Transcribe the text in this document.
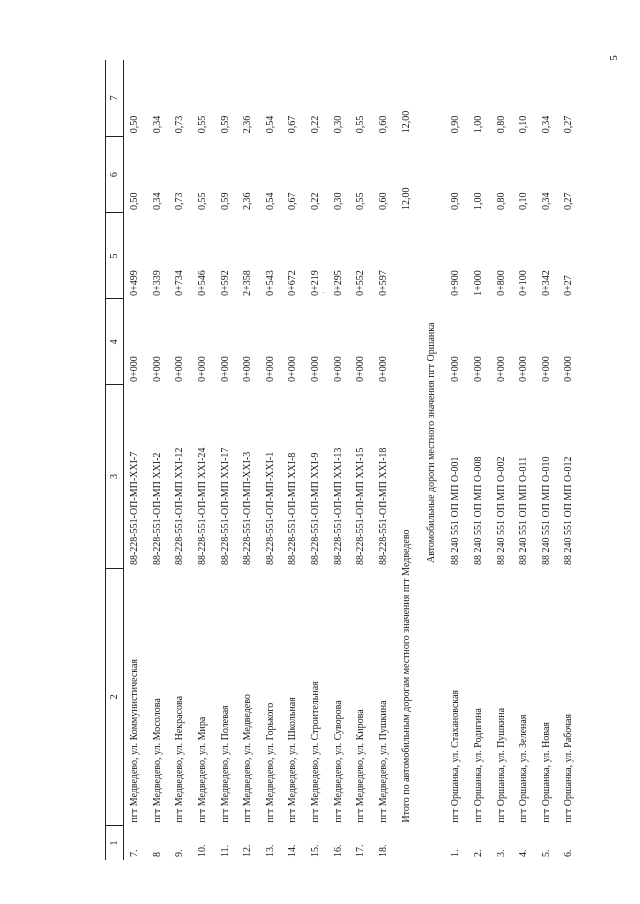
5
1	2	3	4	5	6	7
7.	пгт Медведево, ул. Коммунистическая	88-228-551-ОП-МП-XXI-7	0+000	0+499	0,50	0,50
8	пгт Медведево, ул. Мосолова	88-228-551-ОП-МП XXI-2	0+000	0+339	0,34	0,34
9.	пгт Медведево, ул. Некрасова	88-228-551-ОП-МП XXI-12	0+000	0+734	0,73	0,73
10.	пгт Медведево, ул. Мира	88-228-551-ОП-МП XXI-24	0+000	0+546	0,55	0,55
11.	пгт Медведево, ул. Полевая	88-228-551-ОП-МП XXI-17	0+000	0+592	0,59	0,59
12.	пгт Медведево, ул. Медведево	88-228-551-ОП-МП-XXI-3	0+000	2+358	2,36	2,36
13.	пгт Медведево, ул. Горького	88-228-551-ОП-МП-XXI-1	0+000	0+543	0,54	0,54
14.	пгт Медведево, ул. Школьная	88-228-551-ОП-МП XXI-8	0+000	0+672	0,67	0,67
15.	пгт Медведево, ул. Строительная	88-228-551-ОП-МП XXI-9	0+000	0+219	0,22	0,22
16.	пгт Медведево, ул. Суворова	88-228-551-ОП-МП XXI-13	0+000	0+295	0,30	0,30
17.	пгт Медведево, ул. Кирова	88-228-551-ОП-МП XXI-15	0+000	0+552	0,55	0,55
18.	пгт Медведево, ул. Пушкина	88-228-551-ОП-МП XXI-18	0+000	0+597	0,60	0,60
	Итого по автомобильным дорогам местного значения пгт Медведево				12,00	12,00
	Автомобильные дороги местного значения пгт Оршанка					
1.	пгт Оршанка, ул. Стахановская	88 240 551 ОП МП О-001	0+000	0+900	0,90	0,90
2.	пгт Оршанка, ул. Родигина	88 240 551 ОП МП О-008	0+000	1+000	1,00	1,00
3.	пгт Оршанка, ул. Пушкина	88 240 551 ОП МП О-002	0+000	0+800	0,80	0,80
4.	пгт Оршанка, ул. Зеленая	88 240 551 ОП МП О-011	0+000	0+100	0,10	0,10
5.	пгт Оршанка, ул. Новая	88 240 551 ОП МП О-010	0+000	0+342	0,34	0,34
6.	пгт Оршанка, ул. Рабочая	88 240 551 ОП МП О-012	0+000	0+27	0,27	0,27
